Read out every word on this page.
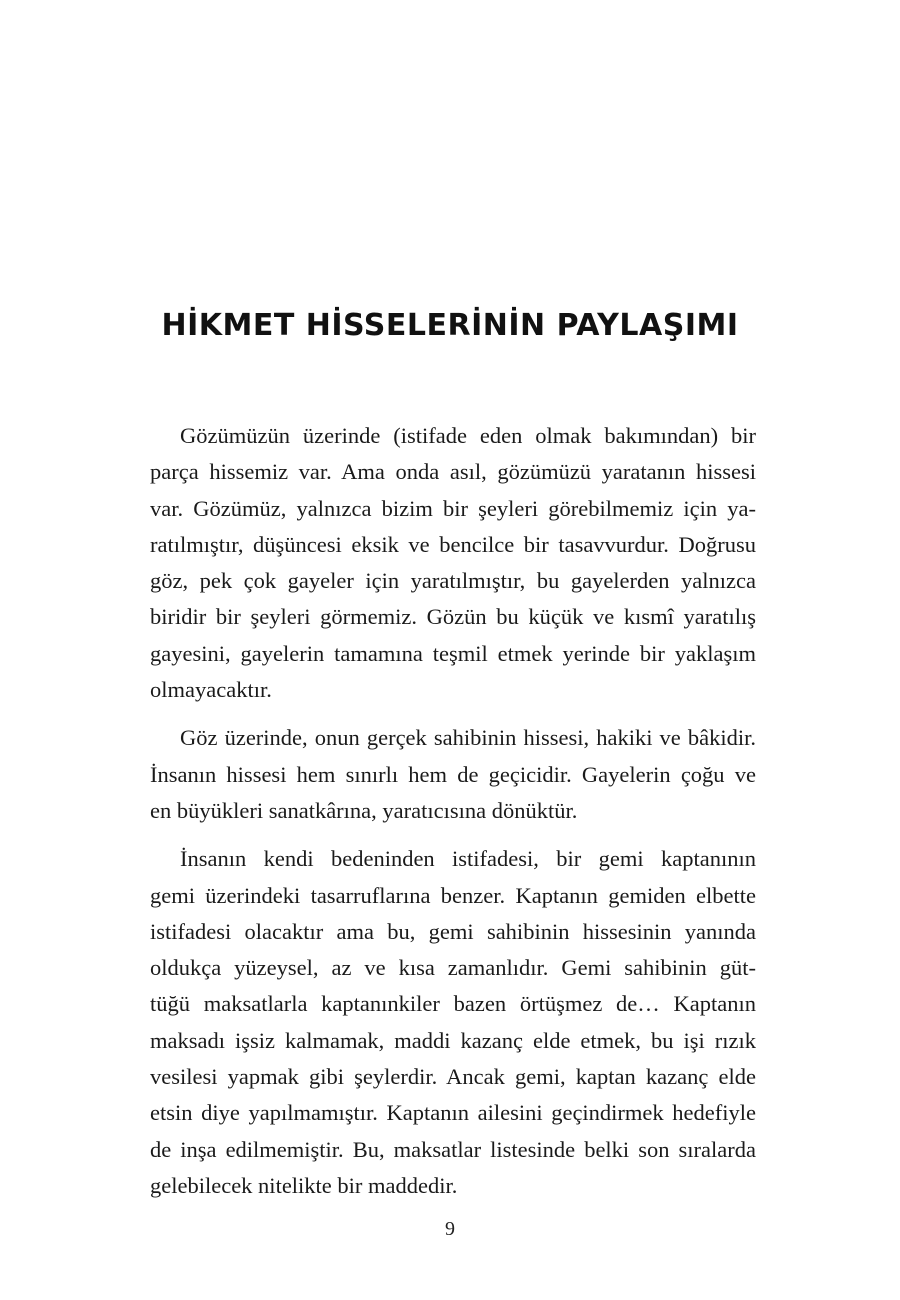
HİKMET HİSSELERİNİN PAYLAŞIMI

Gözümüzün üzerinde (istifade eden olmak bakımından) bir
parça hissemiz var. Ama onda asıl, gözümüzü yaratanın hissesi
var. Gözümüz, yalnızca bizim bir şeyleri görebilmemiz için ya-
ratılmıştır, düşüncesi eksik ve bencilce bir tasavvurdur. Doğrusu
göz, pek çok gayeler için yaratılmıştır, bu gayelerden yalnızca
biridir bir şeyleri görmemiz. Gözün bu küçük ve kısmî yaratılış
gayesini, gayelerin tamamına teşmil etmek yerinde bir yaklaşım
olmayacaktır.

Göz üzerinde, onun gerçek sahibinin hissesi, hakiki ve bâkidir.
İnsanın hissesi hem sınırlı hem de geçicidir. Gayelerin çoğu ve
en büyükleri sanatkârına, yaratıcısına dönüktür.

İnsanın kendi bedeninden istifadesi, bir gemi kaptanının
gemi üzerindeki tasarruflarına benzer. Kaptanın gemiden elbette
istifadesi olacaktır ama bu, gemi sahibinin hissesinin yanında
oldukça yüzeysel, az ve kısa zamanlıdır. Gemi sahibinin güt-
tüğü maksatlarla kaptanınkiler bazen örtüşmez de… Kaptanın
maksadı işsiz kalmamak, maddi kazanç elde etmek, bu işi rızık
vesilesi yapmak gibi şeylerdir. Ancak gemi, kaptan kazanç elde
etsin diye yapılmamıştır. Kaptanın ailesini geçindirmek hedefiyle
de inşa edilmemiştir. Bu, maksatlar listesinde belki son sıralarda
gelebilecek nitelikte bir maddedir.

9
